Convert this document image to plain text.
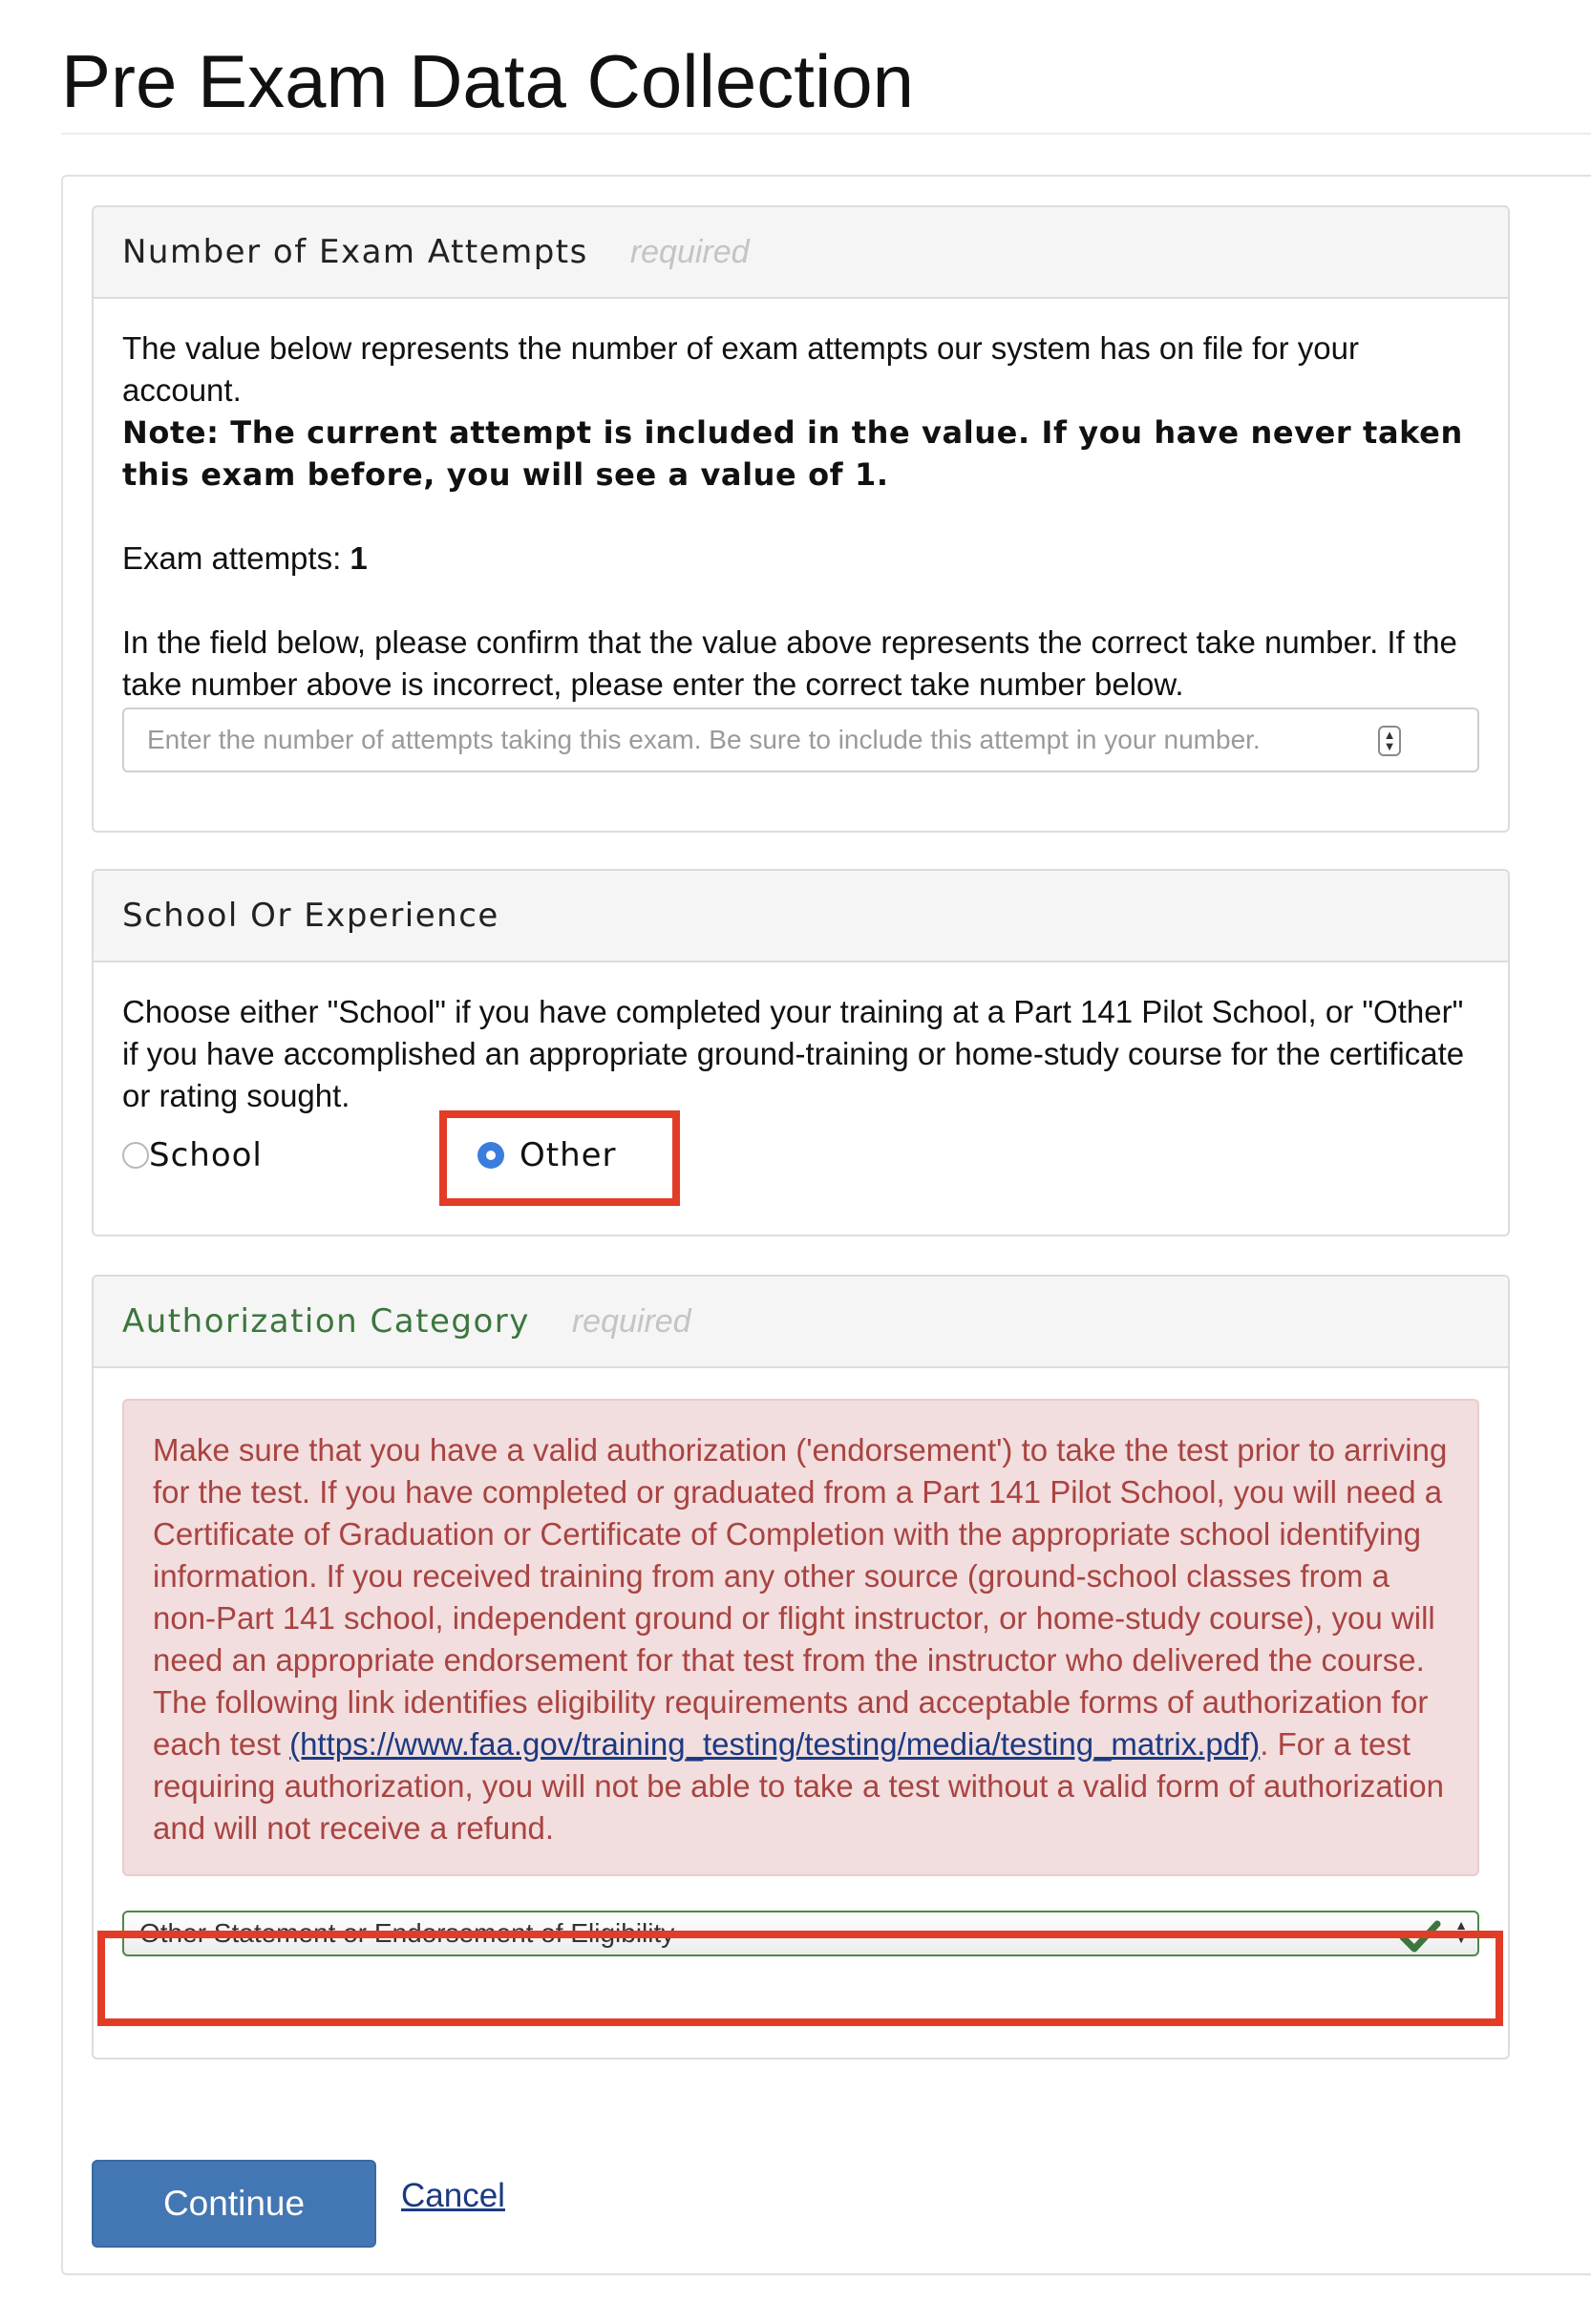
Pre Exam Data Collection
Number of Exam Attempts required

The value below represents the number of exam attempts our system has on file for your account.

Note: The current attempt is included in the value. If you have never taken this exam before, you will see a value of 1.

Exam attempts: 1

In the field below, please confirm that the value above represents the correct take number. If the take number above is incorrect, please enter the correct take number below.

Enter the number of attempts taking this exam. Be sure to include this attempt in your number.	▲
▼
School Or Experience

Choose either "School" if you have completed your training at a Part 141 Pilot School, or "Other" if you have accomplished an appropriate ground-training or home-study course for the certificate or rating sought.

School	Other
Authorization Category required
Make sure that you have a valid authorization ('endorsement') to take the test prior to arriving for the test. If you have completed or graduated from a Part 141 Pilot School, you will need a Certificate of Graduation or Certificate of Completion with the appropriate school identifying information. If you received training from any other source (ground-school classes from a non-Part 141 school, independent ground or flight instructor, or home-study course), you will need an appropriate endorsement for that test from the instructor who delivered the course. The following link identifies eligibility requirements and acceptable forms of authorization for each test (https://www.faa.gov/training_testing/testing/media/testing_matrix.pdf). For a test requiring authorization, you will not be able to take a test without a valid form of authorization and will not receive a refund.
Other Statement or Endorsement of Eligibility	▲
▼
Continue	Cancel
